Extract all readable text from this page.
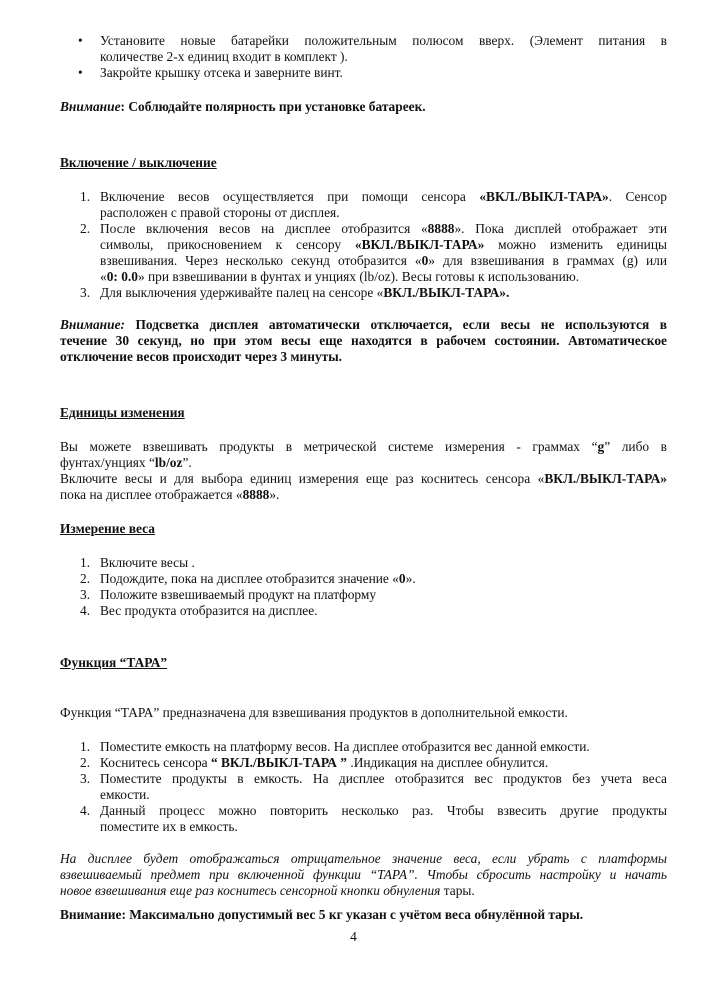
• Установите новые батарейки положительным полюсом вверх. (Элемент питания в
количестве 2-х единиц входит в комплект ).
• Закройте крышку отсека и заверните винт.

Внимание: Соблюдайте полярность при установке батареек.

Включение / выключение

1. Включение весов осуществляется при помощи сенсора «ВКЛ./ВЫКЛ-ТАРА». Сенсор
расположен с правой стороны от дисплея.
2. После включения весов на дисплее отобразится «8888». Пока дисплей отображает эти
символы, прикосновением к сенсору «ВКЛ./ВЫКЛ-ТАРА» можно изменить единицы
взвешивания. Через несколько секунд отобразится «0» для взвешивания в граммах (g) или
«0: 0.0» при взвешивании в фунтах и унциях (lb/oz). Весы готовы к использованию.
3. Для выключения удерживайте палец на сенсоре «ВКЛ./ВЫКЛ-ТАРА».

Внимание: Подсветка дисплея автоматически отключается, если весы не используются в
течение 30 секунд, но при этом весы еще находятся в рабочем состоянии. Автоматическое
отключение весов происходит через 3 минуты.

Единицы изменения

Вы можете взвешивать продукты в метрической системе измерения - граммах “g” либо в
фунтах/унциях “lb/oz”.

Включите весы и для выбора единиц измерения еще раз коснитесь сенсора «ВКЛ./ВЫКЛ-ТАРА»
пока на дисплее отображается «8888».

Измерение веса

1. Включите весы .
2. Подождите, пока на дисплее отобразится значение «0».
3. Положите взвешиваемый продукт на платформу
4. Вес продукта отобразится на дисплее.

Функция “ТАРА”

Функция “ТАРА” предназначена для взвешивания продуктов в дополнительной емкости.

1. Поместите емкость на платформу весов. На дисплее отобразится вес данной емкости.
2. Коснитесь сенсора “ ВКЛ./ВЫКЛ-ТАРА ” .Индикация на дисплее обнулится.
3. Поместите продукты в емкость. На дисплее отобразится вес продуктов без учета веса
емкости.
4. Данный процесс можно повторить несколько раз. Чтобы взвесить другие продукты
поместите их в емкость.

На дисплее будет отображаться отрицательное значение веса, если убрать с платформы
взвешиваемый предмет при включенной функции “ТАРА”. Чтобы сбросить настройку и начать
новое взвешивания еще раз коснитесь сенсорной кнопки обнуления тары.

Внимание: Максимально допустимый вес 5 кг указан с учётом веса обнулённой тары.

4
